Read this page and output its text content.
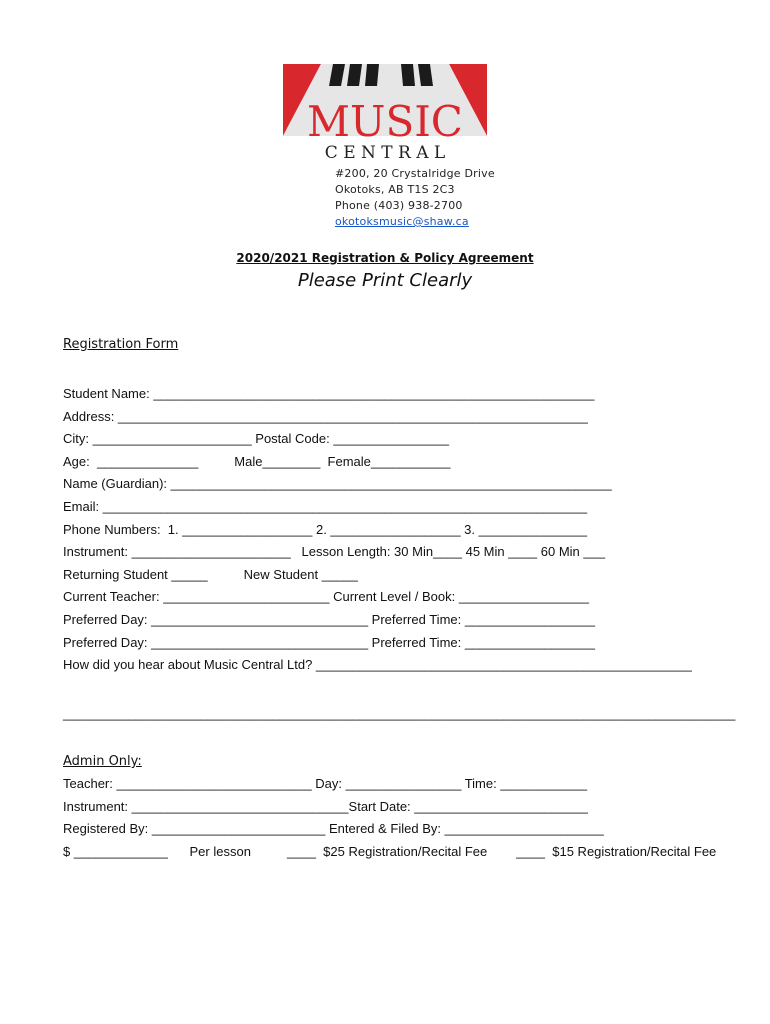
MUSIC
C E N T R A L
#200, 20 Crystalridge Drive
Okotoks, AB T1S 2C3
Phone (403) 938-2700
okotoksmusic@shaw.ca
2020/2021 Registration & Policy Agreement
Please Print Clearly
Registration Form
Student Name: _____________________________________________________________
Address: _________________________________________________________________
City: ______________________ Postal Code: ________________
Age:  ______________          Male________  Female___________
Name (Guardian): _____________________________________________________________
Email: ___________________________________________________________________
Phone Numbers:  1. __________________ 2. __________________ 3. _______________
Instrument: ______________________   Lesson Length: 30 Min____ 45 Min ____ 60 Min ___
Returning Student _____          New Student _____
Current Teacher: _______________________ Current Level / Book: __________________
Preferred Day: ______________________________ Preferred Time: __________________
Preferred Day: ______________________________ Preferred Time: __________________
How did you hear about Music Central Ltd? ____________________________________________________
_____________________________________________________________________________________________
Admin Only:
Teacher: ___________________________ Day: ________________ Time: ____________
Instrument: ______________________________Start Date: ________________________
Registered By: ________________________ Entered & Filed By: ______________________
$ _____________      Per lesson          ____  $25 Registration/Recital Fee        ____  $15 Registration/Recital Fee
